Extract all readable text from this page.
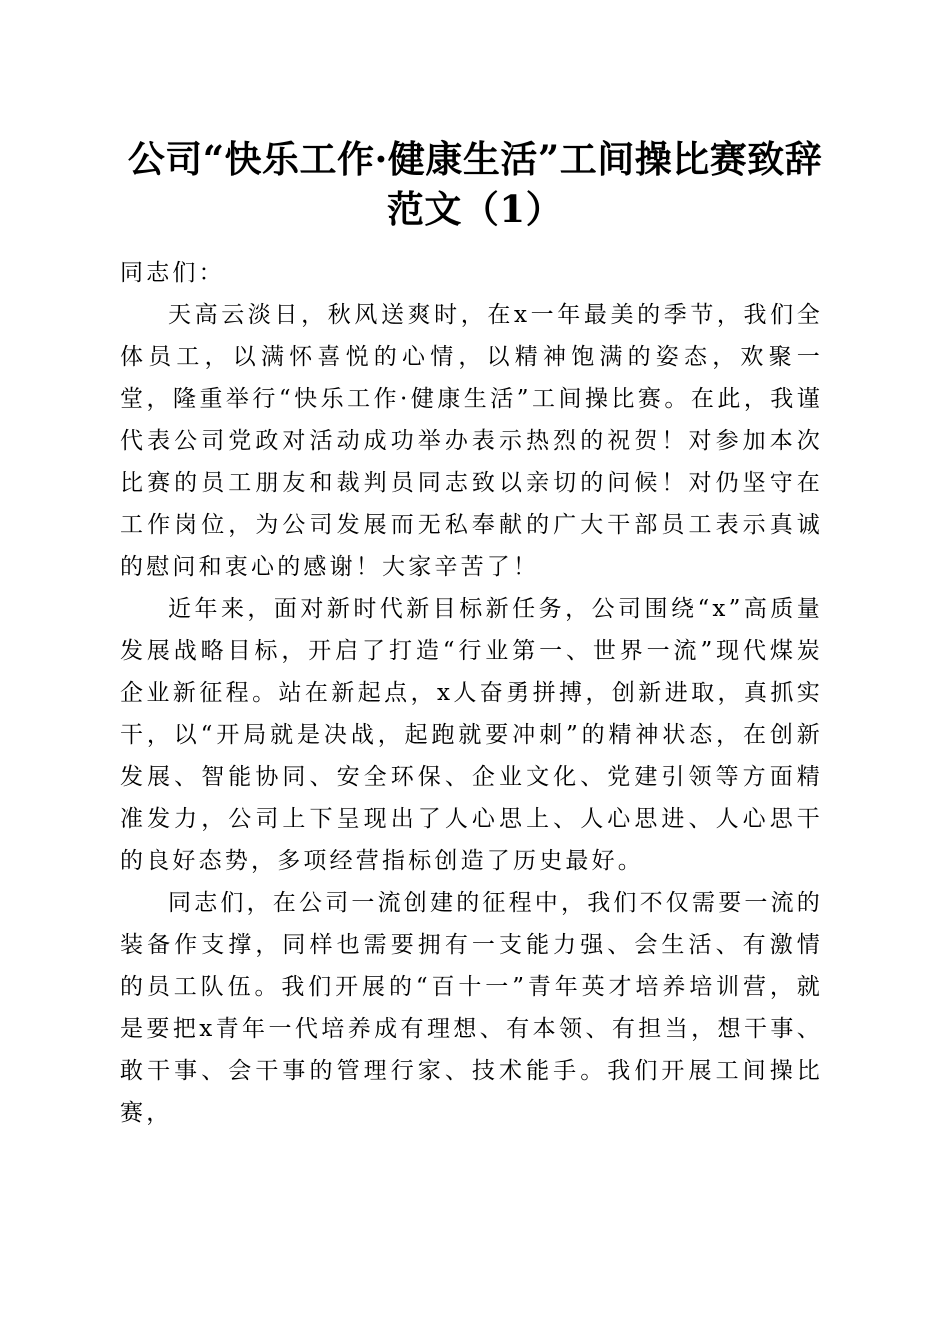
公司“快乐工作·健康生活”工间操比赛致辞
范文（1）

同志们：

天高云淡日，秋风送爽时，在x一年最美的季节，我们全体员工，以满怀喜悦的心情，以精神饱满的姿态，欢聚一堂，隆重举行“快乐工作·健康生活”工间操比赛。在此，我谨代表公司党政对活动成功举办表示热烈的祝贺！对参加本次比赛的员工朋友和裁判员同志致以亲切的问候！对仍坚守在工作岗位，为公司发展而无私奉献的广大干部员工表示真诚的慰问和衷心的感谢！大家辛苦了！

近年来，面对新时代新目标新任务，公司围绕“x”高质量发展战略目标，开启了打造“行业第一、世界一流”现代煤炭企业新征程。站在新起点，x人奋勇拼搏，创新进取，真抓实干，以“开局就是决战，起跑就要冲刺”的精神状态，在创新发展、智能协同、安全环保、企业文化、党建引领等方面精准发力，公司上下呈现出了人心思上、人心思进、人心思干的良好态势，多项经营指标创造了历史最好。

同志们，在公司一流创建的征程中，我们不仅需要一流的装备作支撑，同样也需要拥有一支能力强、会生活、有激情的员工队伍。我们开展的“百十一”青年英才培养培训营，就是要把x青年一代培养成有理想、有本领、有担当，想干事、敢干事、会干事的管理行家、技术能手。我们开展工间操比赛，
